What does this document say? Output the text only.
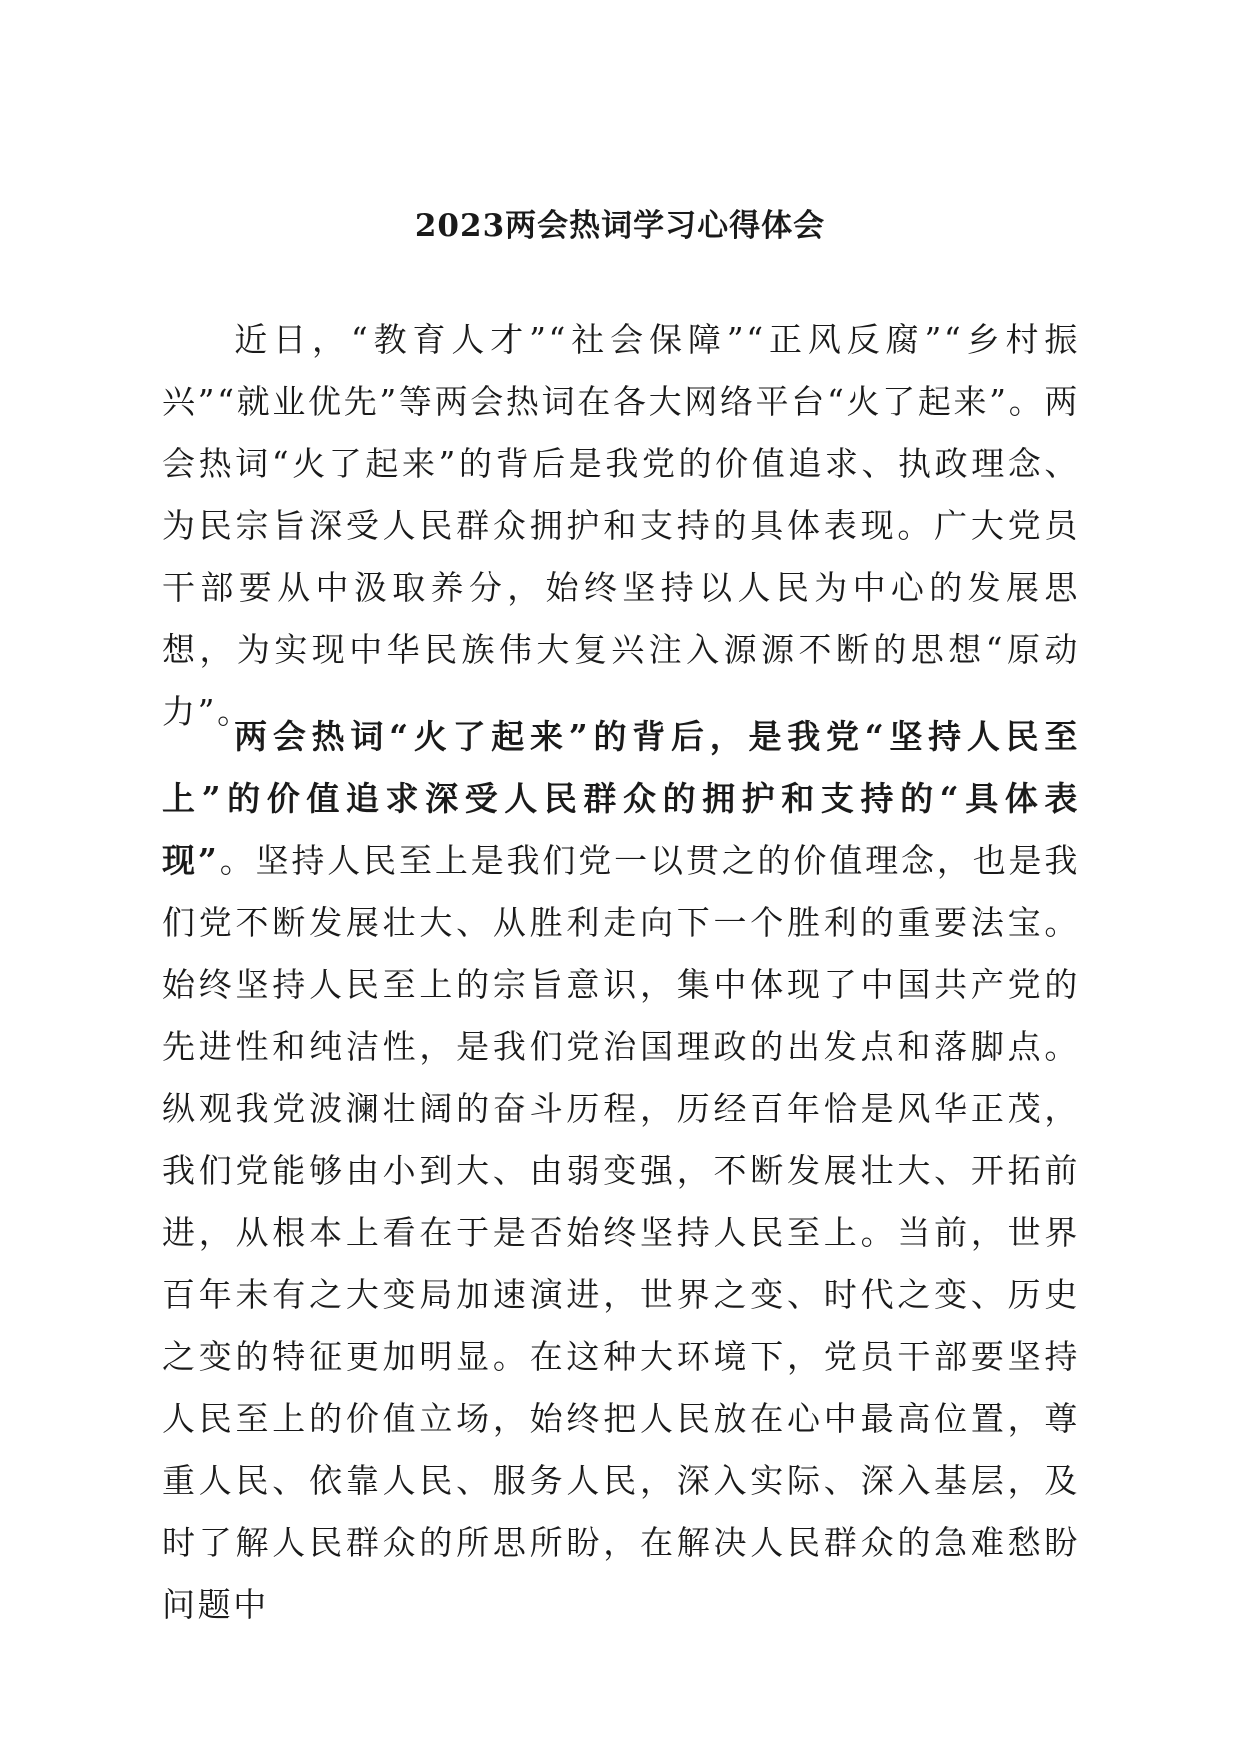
2023两会热词学习心得体会
近日，“教育人才”“社会保障”“正风反腐”“乡村振兴”“就业优先”等两会热词在各大网络平台“火了起来”。两会热词“火了起来”的背后是我党的价值追求、执政理念、为民宗旨深受人民群众拥护和支持的具体表现。广大党员干部要从中汲取养分，始终坚持以人民为中心的发展思想，为实现中华民族伟大复兴注入源源不断的思想“原动力”。
两会热词“火了起来”的背后，是我党“坚持人民至上”的价值追求深受人民群众的拥护和支持的“具体表现”。坚持人民至上是我们党一以贯之的价值理念，也是我们党不断发展壮大、从胜利走向下一个胜利的重要法宝。始终坚持人民至上的宗旨意识，集中体现了中国共产党的先进性和纯洁性，是我们党治国理政的出发点和落脚点。纵观我党波澜壮阔的奋斗历程，历经百年恰是风华正茂，我们党能够由小到大、由弱变强，不断发展壮大、开拓前进，从根本上看在于是否始终坚持人民至上。当前，世界百年未有之大变局加速演进，世界之变、时代之变、历史之变的特征更加明显。在这种大环境下，党员干部要坚持人民至上的价值立场，始终把人民放在心中最高位置，尊重人民、依靠人民、服务人民，深入实际、深入基层，及时了解人民群众的所思所盼，在解决人民群众的急难愁盼问题中
